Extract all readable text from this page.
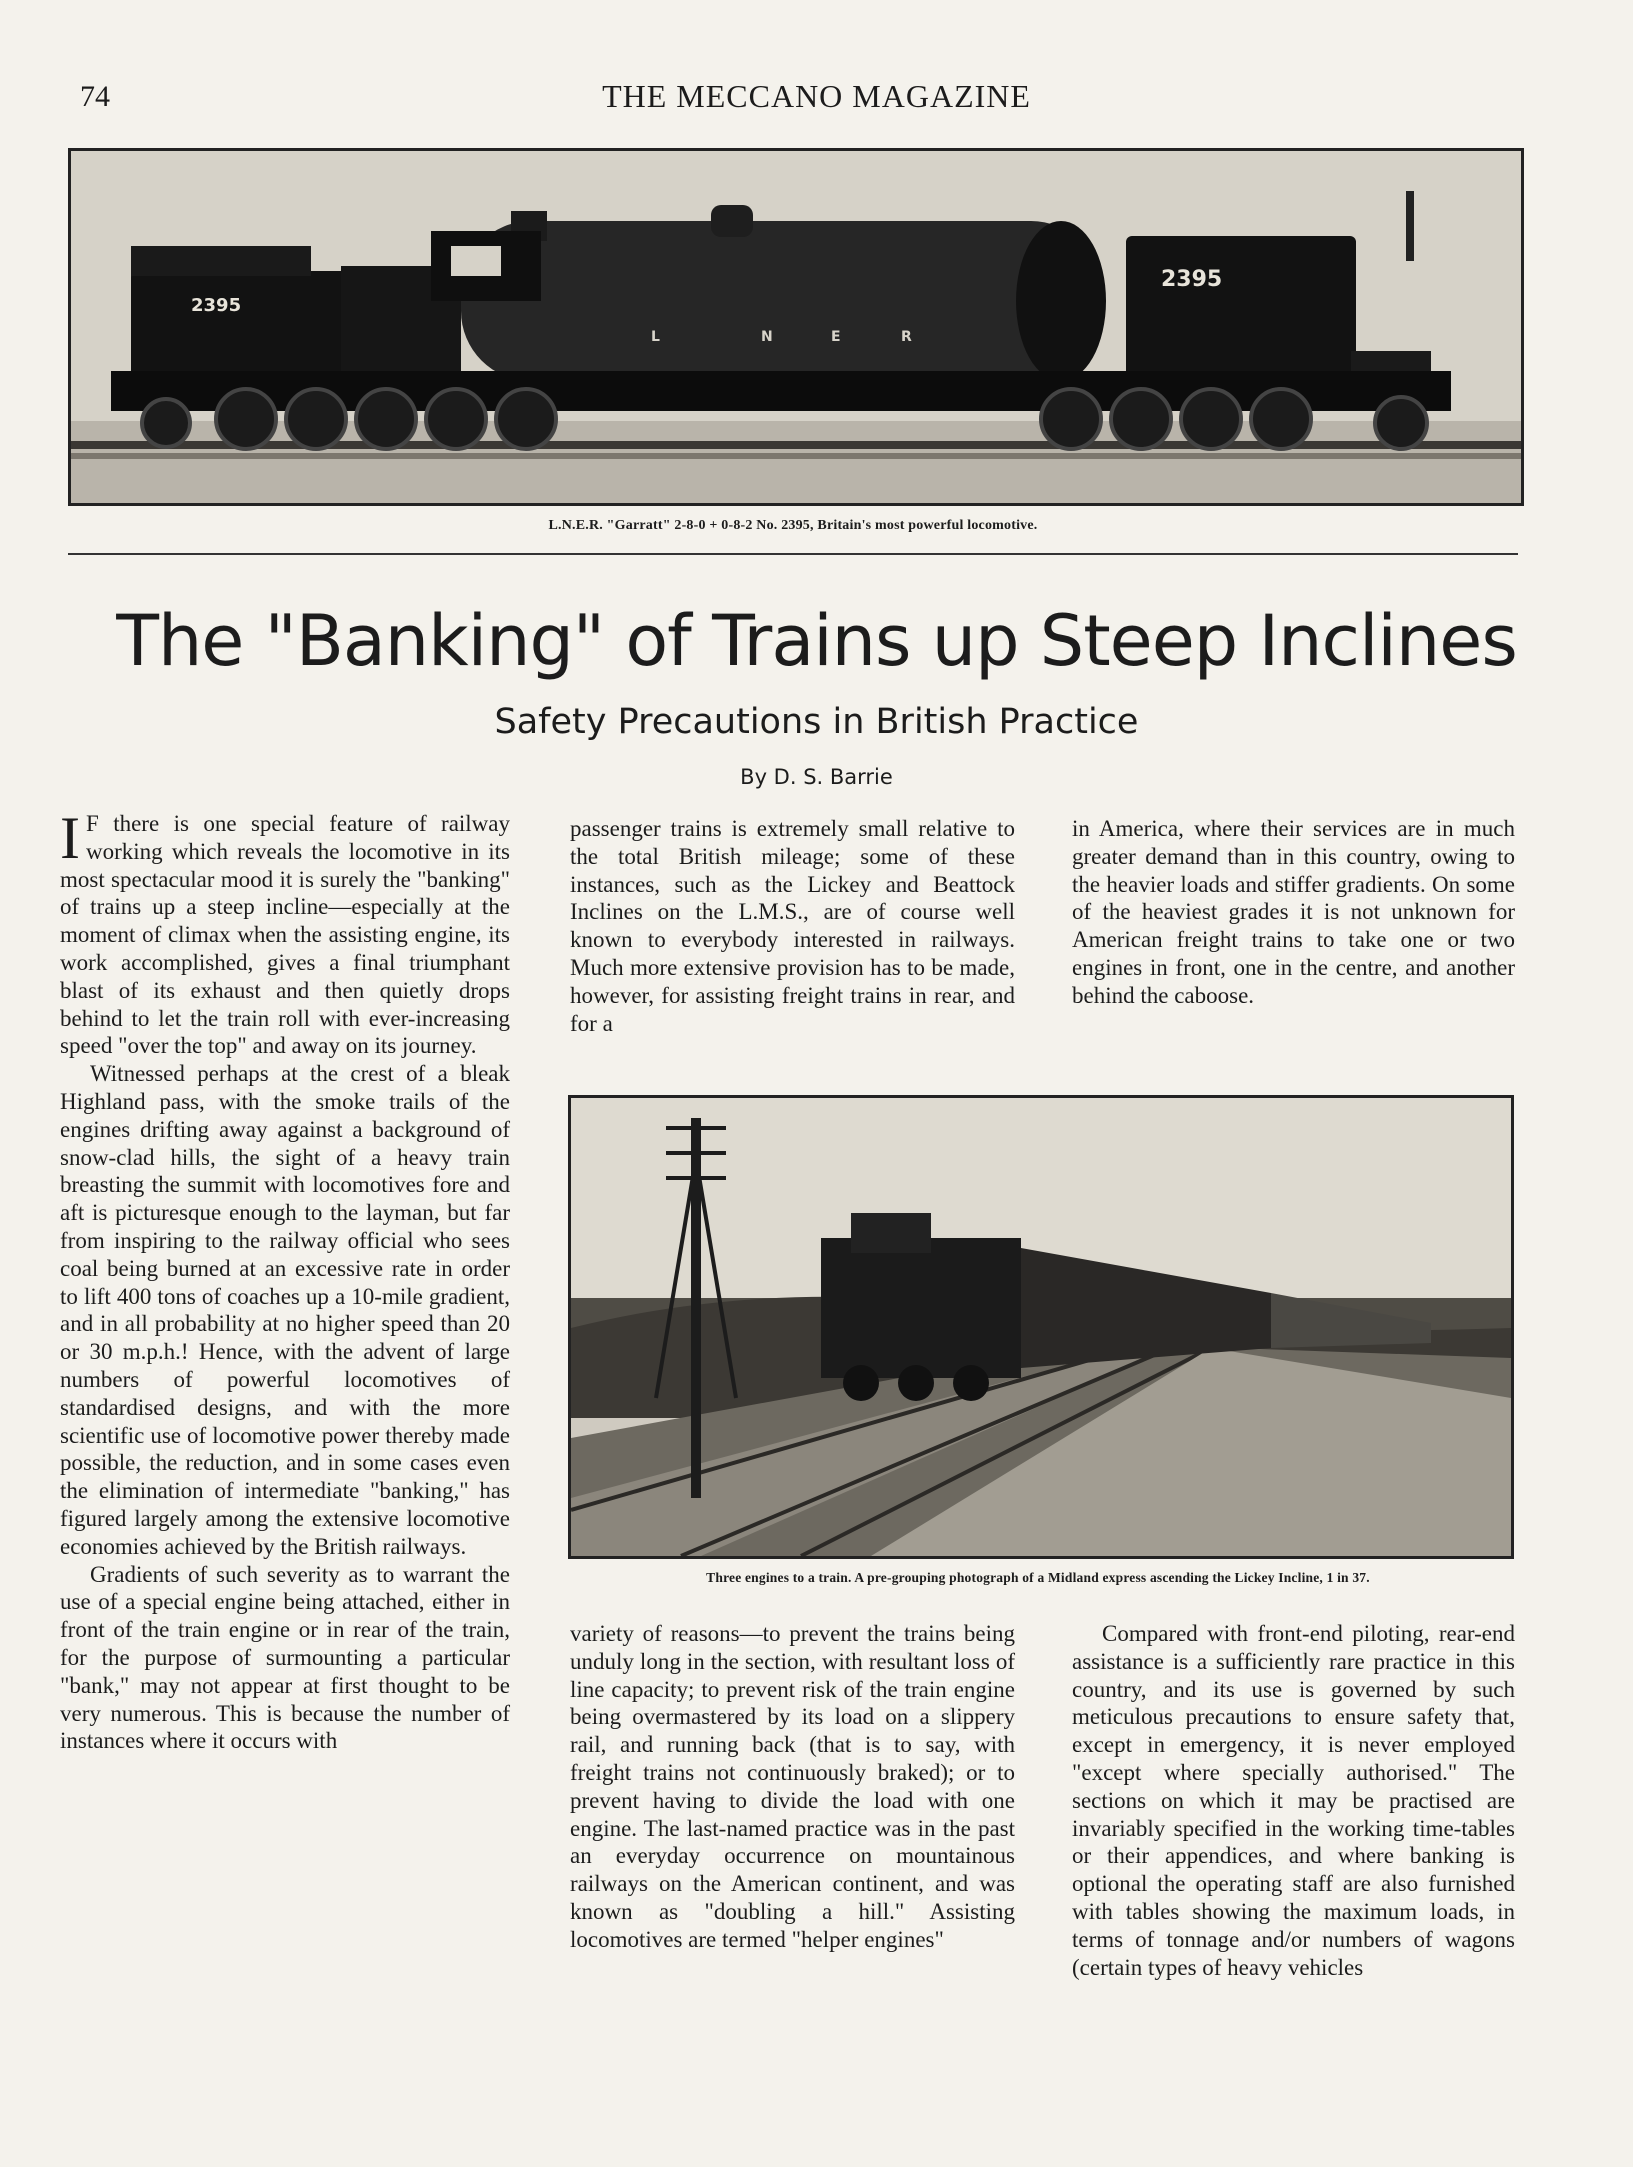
74	THE MECCANO MAGAZINE
2395
2395
L	N	E	R
L.N.E.R. "Garratt" 2-8-0 + 0-8-2 No. 2395, Britain's most powerful locomotive.
The "Banking" of Trains up Steep Inclines
Safety Precautions in British Practice
By D. S. Barrie

I F there is one special feature of railway working which reveals the locomotive in its most spectacular mood it is surely the "banking" of trains up a steep incline—especially at the moment of climax when the assisting engine, its work accomplished, gives a final triumphant blast of its exhaust and then quietly drops behind to let the train roll with ever-increasing speed "over the top" and away on its journey.

Witnessed perhaps at the crest of a bleak Highland pass, with the smoke trails of the engines drifting away against a background of snow-clad hills, the sight of a heavy train breasting the summit with locomotives fore and aft is picturesque enough to the layman, but far from inspiring to the railway official who sees coal being burned at an excessive rate in order to lift 400 tons of coaches up a 10-mile gradient, and in all probability at no higher speed than 20 or 30 m.p.h.! Hence, with the advent of large numbers of powerful locomotives of standardised designs, and with the more scientific use of locomotive power thereby made possible, the reduction, and in some cases even the elimination of intermediate "banking," has figured largely among the extensive locomotive economies achieved by the British railways.

Gradients of such severity as to warrant the use of a special engine being attached, either in front of the train engine or in rear of the train, for the purpose of surmounting a particular "bank," may not appear at first thought to be very numerous. This is because the number of instances where it occurs with

passenger trains is extremely small relative to the total British mileage; some of these instances, such as the Lickey and Beattock Inclines on the L.M.S., are of course well known to everybody interested in railways. Much more extensive provision has to be made, however, for assisting freight trains in rear, and for a

in America, where their services are in much greater demand than in this country, owing to the heavier loads and stiffer gradients. On some of the heaviest grades it is not unknown for American freight trains to take one or two engines in front, one in the centre, and another behind the caboose.

Three engines to a train. A pre-grouping photograph of a Midland express ascending the Lickey Incline, 1 in 37.

variety of reasons—to prevent the trains being unduly long in the section, with resultant loss of line capacity; to prevent risk of the train engine being overmastered by its load on a slippery rail, and running back (that is to say, with freight trains not continuously braked); or to prevent having to divide the load with one engine. The last-named practice was in the past an everyday occurrence on mountainous railways on the American continent, and was known as "doubling a hill." Assisting locomotives are termed "helper engines"

Compared with front-end piloting, rear-end assistance is a sufficiently rare practice in this country, and its use is governed by such meticulous precautions to ensure safety that, except in emergency, it is never employed "except where specially authorised." The sections on which it may be practised are invariably specified in the working time-tables or their appendices, and where banking is optional the operating staff are also furnished with tables showing the maximum loads, in terms of tonnage and/or numbers of wagons (certain types of heavy vehicles
